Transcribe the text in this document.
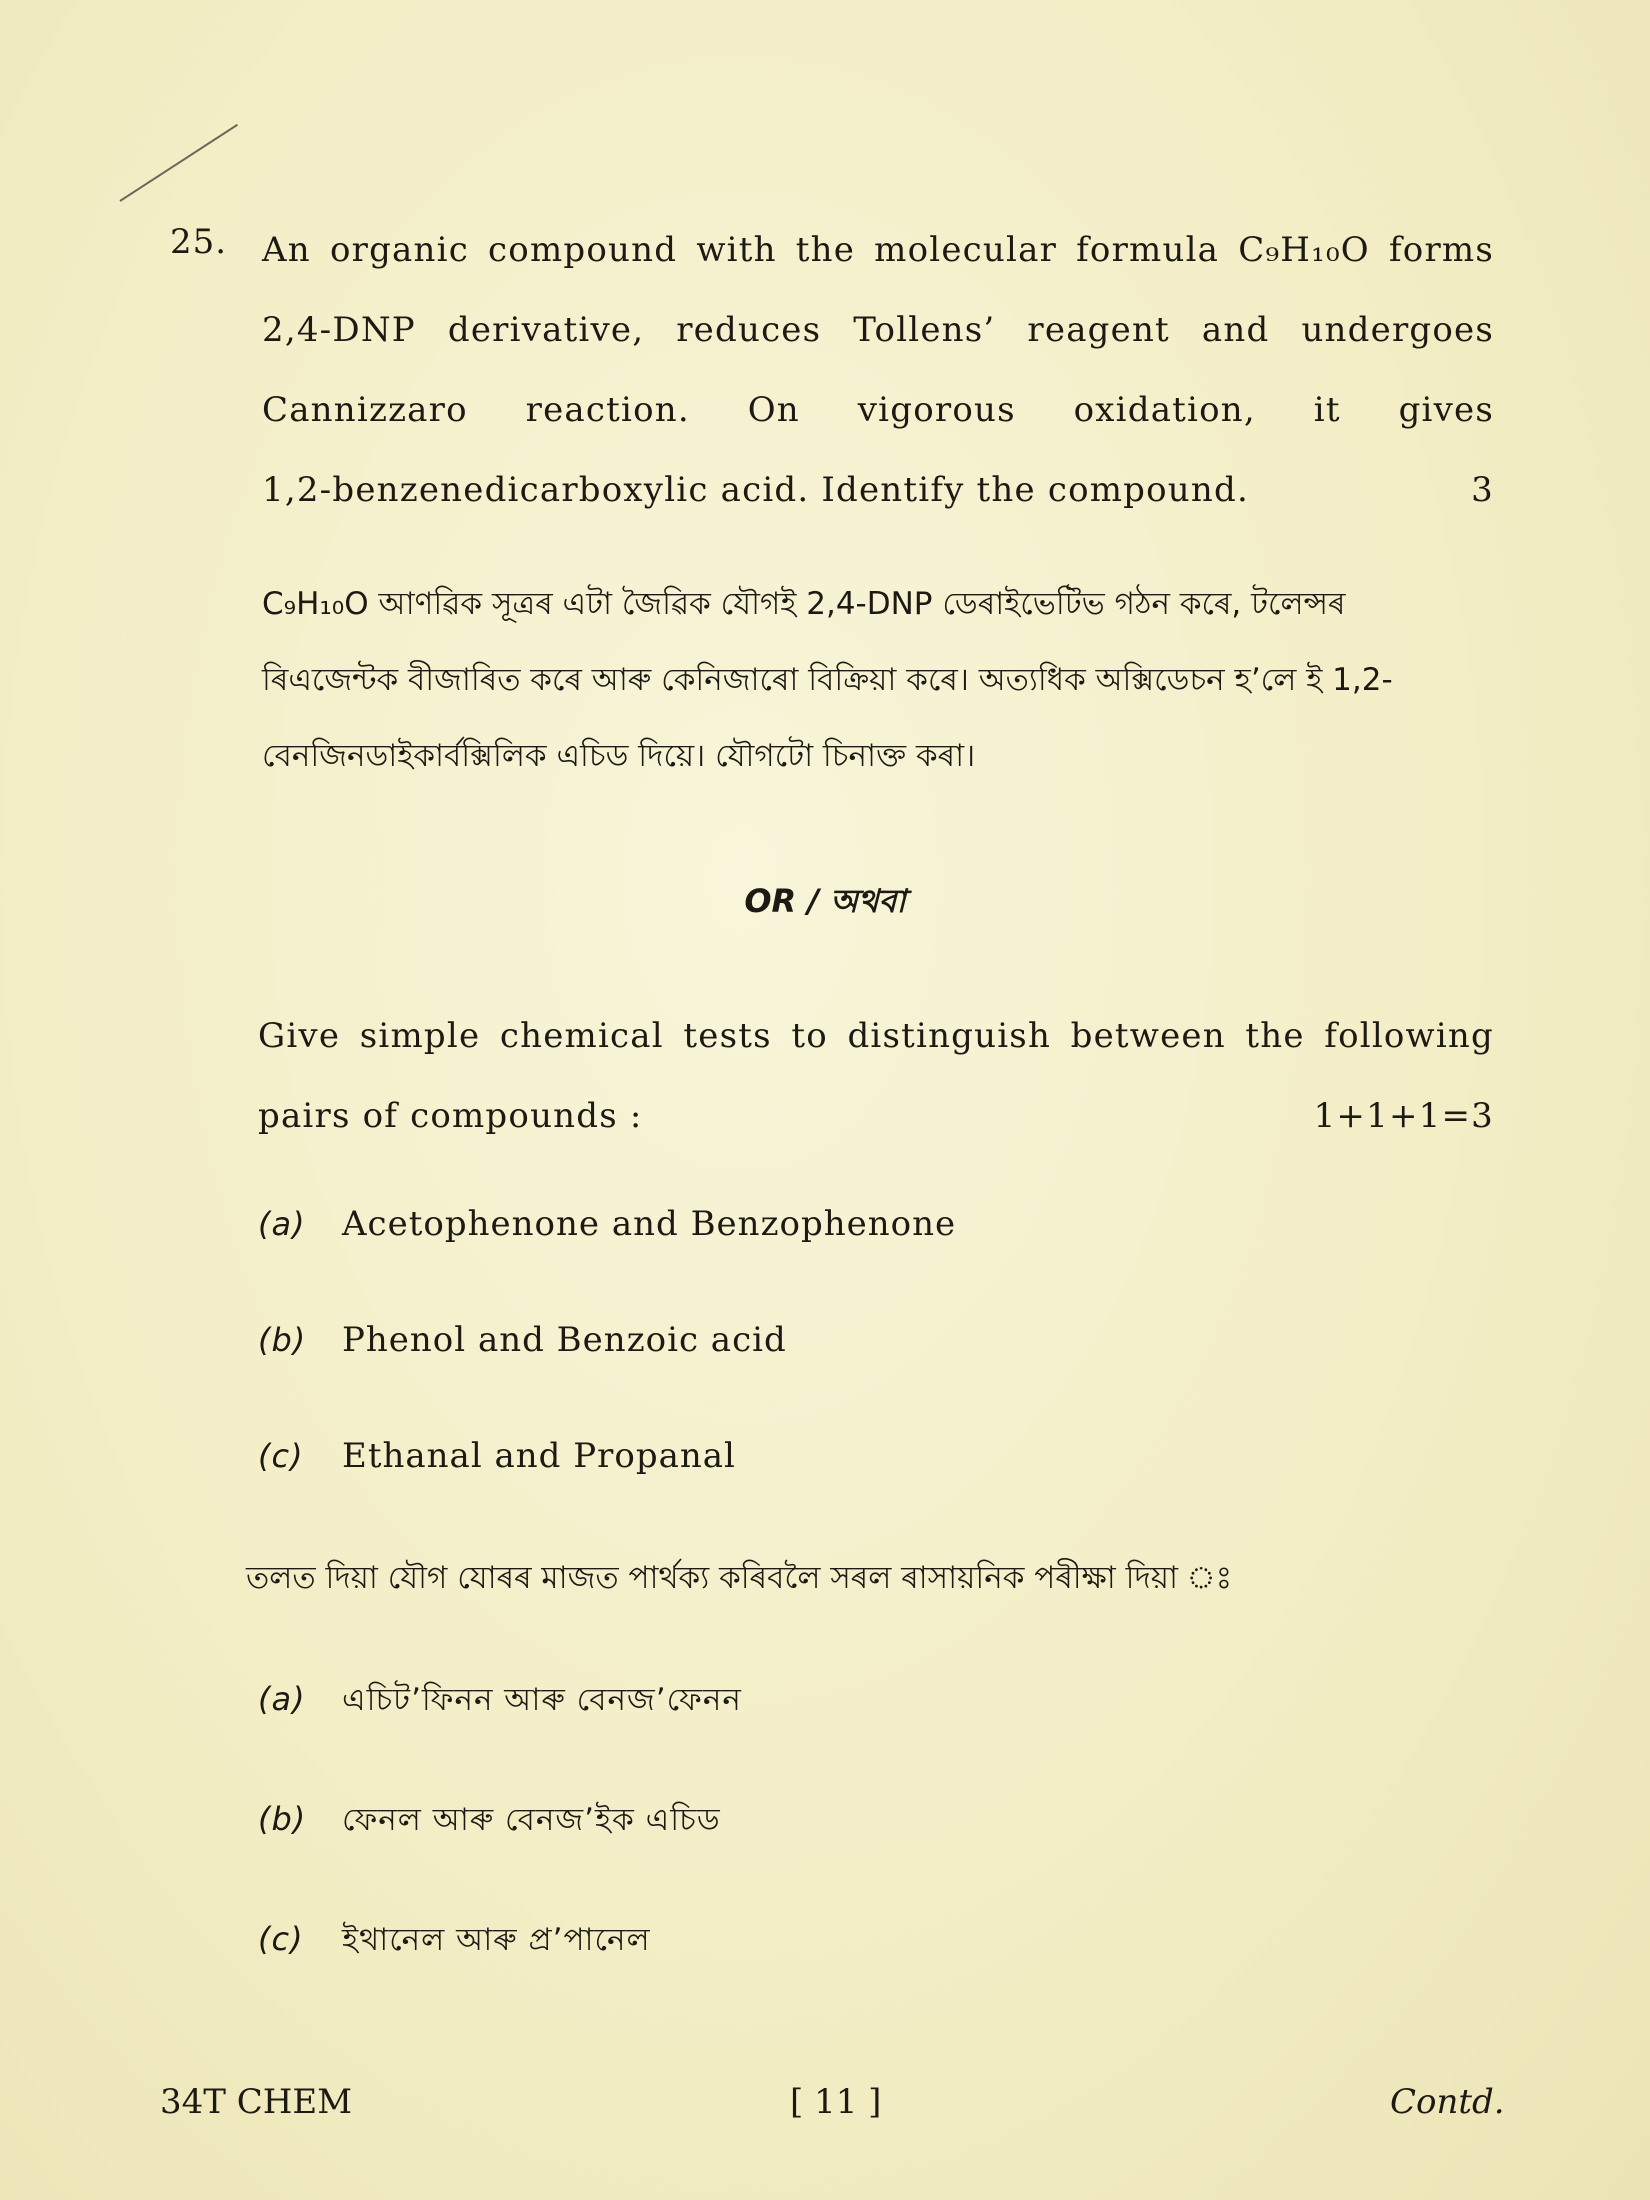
25. An organic compound with the molecular formula C₉H₁₀O forms
2,4-DNP derivative, reduces Tollens’ reagent and undergoes
Cannizzaro reaction. On vigorous oxidation, it gives
1,2-benzenedicarboxylic acid. Identify the compound.	3
C₉H₁₀O আণৱিক সূত্ৰৰ এটা জৈৱিক যৌগই 2,4-DNP ডেৰাইভেটিভ গঠন কৰে, টলেন্সৰ
ৰিএজেন্টক বীজাৰিত কৰে আৰু কেনিজাৰো বিক্ৰিয়া কৰে। অত্যধিক অক্সিডেচন হ’লে ই 1,2-
বেনজিনডাইকাৰ্বক্সিলিক এচিড দিয়ে। যৌগটো চিনাক্ত কৰা।
OR / অথবা
Give simple chemical tests to distinguish between the following
pairs of compounds :	1+1+1=3
(a) Acetophenone and Benzophenone
(b) Phenol and Benzoic acid
(c) Ethanal and Propanal
তলত দিয়া যৌগ যোৰৰ মাজত পাৰ্থক্য কৰিবলৈ সৰল ৰাসায়নিক পৰীক্ষা দিয়া ঃ
(a) এচিট’ফিনন আৰু বেনজ’ফেনন
(b) ফেনল আৰু বেনজ’ইক এচিড
(c) ইথানেল আৰু প্ৰ’পানেল
34T CHEM	[ 11 ]	Contd.
